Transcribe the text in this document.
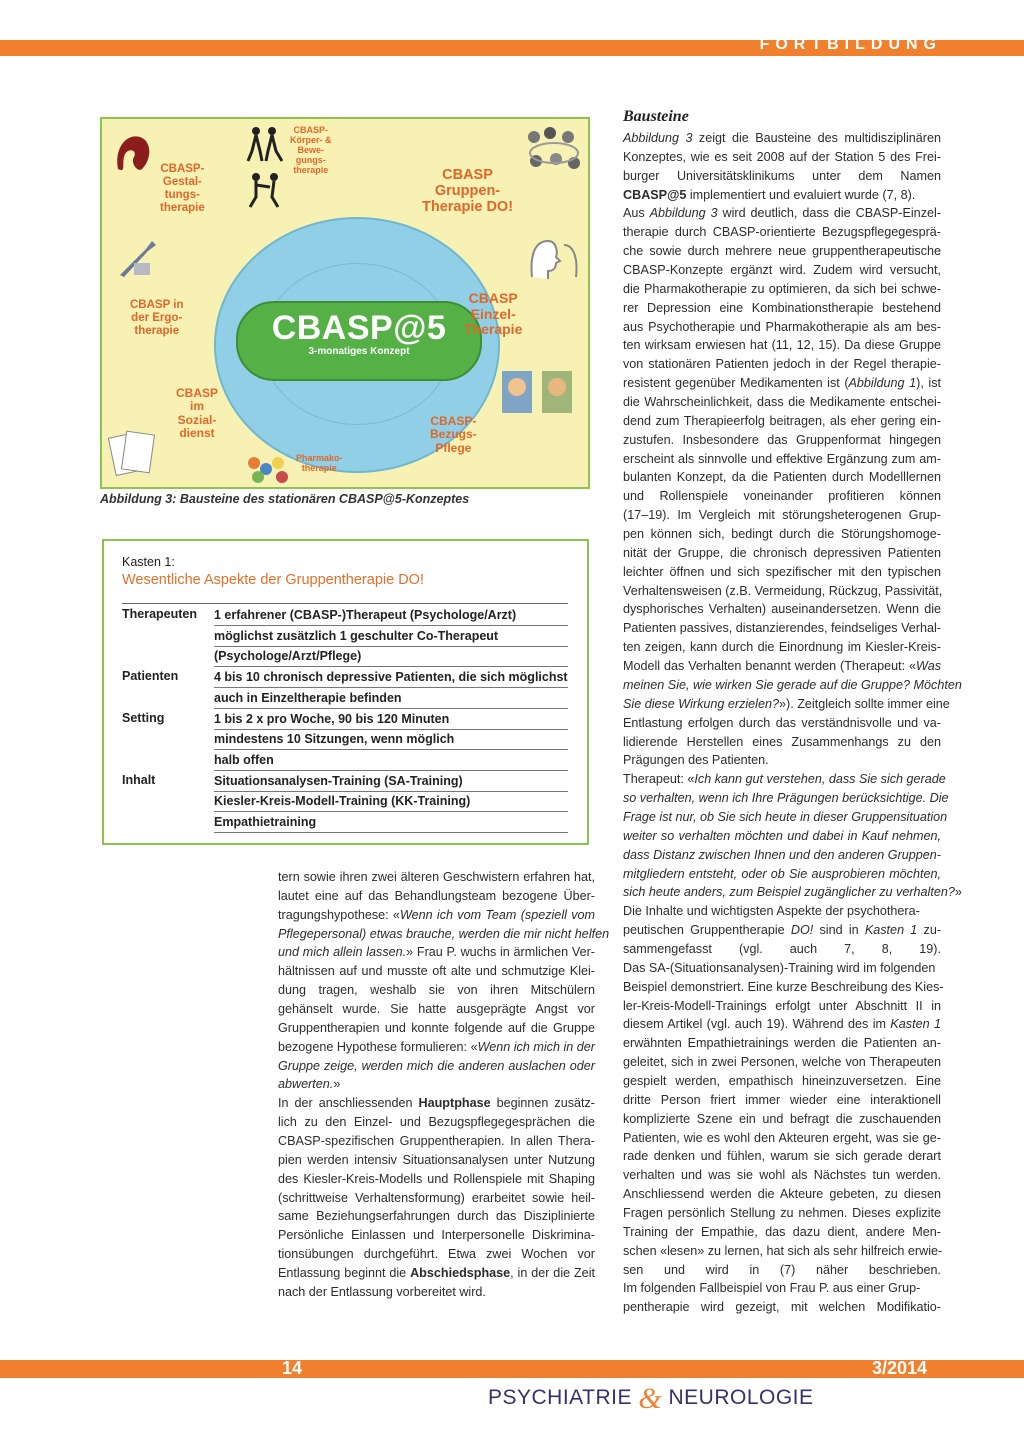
FORTBILDUNG
14	3/2014
PSYCHIATRIE & NEUROLOGIE
CBASP@5
3-monatiges Konzept
CBASP-
Gestal-
tungs-
therapie
CBASP-
Körper- &
Bewe-
gungs-
therapie	CBASP
Gruppen-
Therapie DO!
CBASP in
der Ergo-
therapie
CBASP
Einzel-
Therapie
CBASP
im
Sozial-
dienst
Pharmako-
therapie
CBASP-
Bezugs-
Pflege
Abbildung 3: Bausteine des stationären CBASP@5-Konzeptes
Kasten 1:
Wesentliche Aspekte der Gruppentherapie DO!
Therapeuten 1 erfahrener (CBASP-)Therapeut (Psychologe/Arzt)
möglichst zusätzlich 1 geschulter Co-Therapeut
(Psychologe/Arzt/Pflege)
Patienten	4 bis 10 chronisch depressive Patienten, die sich möglichst
auch in Einzeltherapie befinden
Setting	1 bis 2 x pro Woche, 90 bis 120 Minuten
mindestens 10 Sitzungen, wenn möglich
halb offen
Inhalt	Situationsanalysen-Training (SA-Training)
Kiesler-Kreis-Modell-Training (KK-Training)
Empathietraining
Bausteine
tern sowie ihren zwei älteren Geschwistern erfahren hat,
lautet eine auf das Behandlungsteam bezogene Über-
tragungshypothese: «Wenn ich vom Team (speziell vom
Pflegepersonal) etwas brauche, werden die mir nicht helfen
und mich allein lassen.» Frau P. wuchs in ärmlichen Ver-
hältnissen auf und musste oft alte und schmutzige Klei-
dung tragen, weshalb sie von ihren Mitschülern
gehänselt wurde. Sie hatte ausgeprägte Angst vor
Gruppentherapien und konnte folgende auf die Gruppe
bezogene Hypothese formulieren: «Wenn ich mich in der
Gruppe zeige, werden mich die anderen auslachen oder
abwerten.»
In der anschliessenden Hauptphase beginnen zusätz-
lich zu den Einzel- und Bezugspflegegesprächen die
CBASP-spezifischen Gruppentherapien. In allen Thera-
pien werden intensiv Situationsanalysen unter Nutzung
des Kiesler-Kreis-Modells und Rollenspiele mit Shaping
(schrittweise Verhaltensformung) erarbeitet sowie heil-
same Beziehungserfahrungen durch das Disziplinierte
Persönliche Einlassen und Interpersonelle Diskrimina-
tionsübungen durchgeführt. Etwa zwei Wochen vor
Entlassung beginnt die Abschiedsphase, in der die Zeit
nach der Entlassung vorbereitet wird.
Abbildung 3 zeigt die Bausteine des multidisziplinären
Konzeptes, wie es seit 2008 auf der Station 5 des Frei-
burger Universitätsklinikums unter dem Namen
CBASP@5 implementiert und evaluiert wurde (7, 8).
Aus Abbildung 3 wird deutlich, dass die CBASP-Einzel-
therapie durch CBASP-orientierte Bezugspflegegesprä-
che sowie durch mehrere neue gruppentherapeutische
CBASP-Konzepte ergänzt wird. Zudem wird versucht,
die Pharmakotherapie zu optimieren, da sich bei schwe-
rer Depression eine Kombinationstherapie bestehend
aus Psychotherapie und Pharmakotherapie als am bes-
ten wirksam erwiesen hat (11, 12, 15). Da diese Gruppe
von stationären Patienten jedoch in der Regel therapie-
resistent gegenüber Medikamenten ist (Abbildung 1), ist
die Wahrscheinlichkeit, dass die Medikamente entschei-
dend zum Therapieerfolg beitragen, als eher gering ein-
zustufen. Insbesondere das Gruppenformat hingegen
erscheint als sinnvolle und effektive Ergänzung zum am-
bulanten Konzept, da die Patienten durch Modelllernen
und Rollenspiele voneinander profitieren können
(17–19). Im Vergleich mit störungsheterogenen Grup-
pen können sich, bedingt durch die Störungshomoge-
nität der Gruppe, die chronisch depressiven Patienten
leichter öffnen und sich spezifischer mit den typischen
Verhaltensweisen (z.B. Vermeidung, Rückzug, Passivität,
dysphorisches Verhalten) auseinandersetzen. Wenn die
Patienten passives, distanzierendes, feindseliges Verhal-
ten zeigen, kann durch die Einordnung im Kiesler-Kreis-
Modell das Verhalten benannt werden (Therapeut: «Was
meinen Sie, wie wirken Sie gerade auf die Gruppe? Möchten
Sie diese Wirkung erzielen?»). Zeitgleich sollte immer eine
Entlastung erfolgen durch das verständnisvolle und va-
lidierende Herstellen eines Zusammenhangs zu den
Prägungen des Patienten.
Therapeut: «Ich kann gut verstehen, dass Sie sich gerade
so verhalten, wenn ich Ihre Prägungen berücksichtige. Die
Frage ist nur, ob Sie sich heute in dieser Gruppensituation
weiter so verhalten möchten und dabei in Kauf nehmen,
dass Distanz zwischen Ihnen und den anderen Gruppen-
mitgliedern entsteht, oder ob Sie ausprobieren möchten,
sich heute anders, zum Beispiel zugänglicher zu verhalten?»
Die Inhalte und wichtigsten Aspekte der psychothera-
peutischen Gruppentherapie DO! sind in Kasten 1 zu-
sammengefasst (vgl. auch 7, 8, 19).
Das SA-(Situationsanalysen)-Training wird im folgenden
Beispiel demonstriert. Eine kurze Beschreibung des Kies-
ler-Kreis-Modell-Trainings erfolgt unter Abschnitt II in
diesem Artikel (vgl. auch 19). Während des im Kasten 1
erwähnten Empathietrainings werden die Patienten an-
geleitet, sich in zwei Personen, welche von Therapeuten
gespielt werden, empathisch hineinzuversetzen. Eine
dritte Person friert immer wieder eine interaktionell
komplizierte Szene ein und befragt die zuschauenden
Patienten, wie es wohl den Akteuren ergeht, was sie ge-
rade denken und fühlen, warum sie sich gerade derart
verhalten und was sie wohl als Nächstes tun werden.
Anschliessend werden die Akteure gebeten, zu diesen
Fragen persönlich Stellung zu nehmen. Dieses explizite
Training der Empathie, das dazu dient, andere Men-
schen «lesen» zu lernen, hat sich als sehr hilfreich erwie-
sen und wird in (7) näher beschrieben.
Im folgenden Fallbeispiel von Frau P. aus einer Grup-
pentherapie wird gezeigt, mit welchen Modifikatio-
